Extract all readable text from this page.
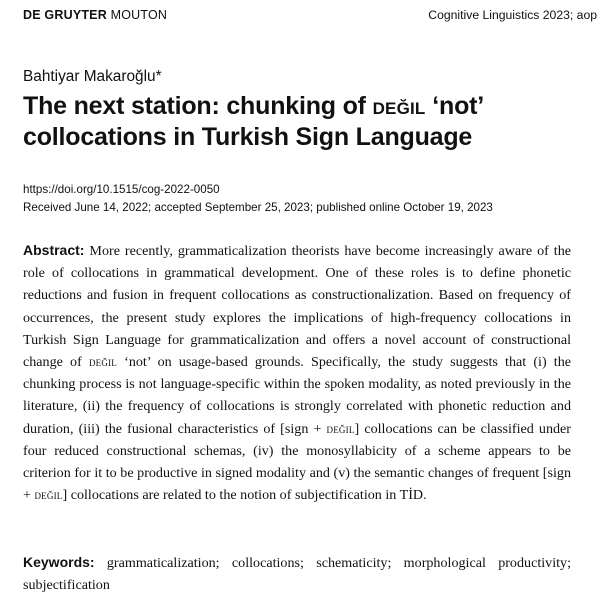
DE GRUYTER MOUTON	Cognitive Linguistics 2023; aop
Bahtiyar Makaroğlu*
The next station: chunking of değil ‘not’ collocations in Turkish Sign Language
https://doi.org/10.1515/cog-2022-0050
Received June 14, 2022; accepted September 25, 2023; published online October 19, 2023
Abstract: More recently, grammaticalization theorists have become increasingly aware of the role of collocations in grammatical development. One of these roles is to define phonetic reductions and fusion in frequent collocations as constructionalization. Based on frequency of occurrences, the present study explores the implications of high-frequency collocations in Turkish Sign Language for grammaticalization and offers a novel account of constructional change of değil ‘not’ on usage-based grounds. Specifically, the study suggests that (i) the chunking process is not language-specific within the spoken modality, as noted previously in the literature, (ii) the frequency of collocations is strongly correlated with phonetic reduction and duration, (iii) the fusional characteristics of [sign + değil] collocations can be classified under four reduced constructional schemas, (iv) the monosyllabicity of a scheme appears to be criterion for it to be productive in signed modality and (v) the semantic changes of frequent [sign + değil] collocations are related to the notion of subjectification in TİD.
Keywords: grammaticalization; collocations; schematicity; morphological productivity; subjectification
